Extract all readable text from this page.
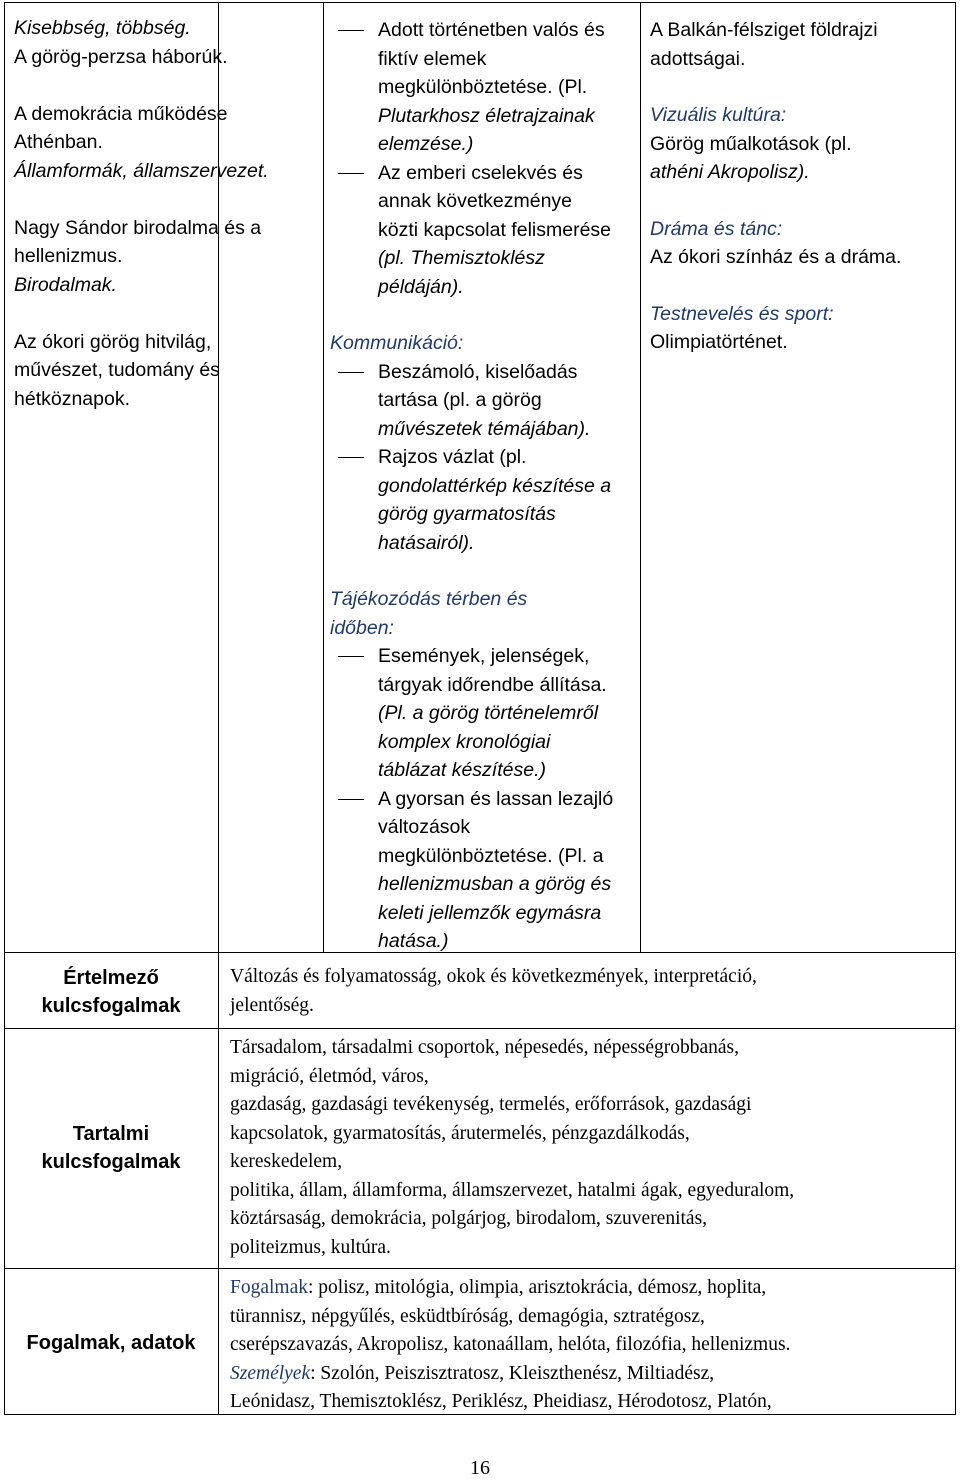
Kisebbség, többség.
A görög-perzsa háborúk.

A demokrácia működése
Athénban.
Államformák, államszervezet.

Nagy Sándor birodalma és a
hellenizmus.
Birodalmak.

Az ókori görög hitvilág,
művészet, tudomány és
hétköznapok.
Adott történetben valós és
fiktív elemek
megkülönböztetése. (Pl.
Plutarkhosz életrajzainak
elemzése.)
Az emberi cselekvés és
annak következménye
közti kapcsolat felismerése
(pl. Themisztoklész
példáján).
Kommunikáció:
Beszámoló, kiselőadás
tartása (pl. a görög
művészetek témájában).
Rajzos vázlat (pl.
gondolattérkép készítése a
görög gyarmatosítás
hatásairól).
Tájékozódás térben és
időben:
Események, jelenségek,
tárgyak időrendbe állítása.
(Pl. a görög történelemről
komplex kronológiai
táblázat készítése.)
A gyorsan és lassan lezajló
változások
megkülönböztetése. (Pl. a
hellenizmusban a görög és
keleti jellemzők egymásra
hatása.)
A Balkán-félsziget földrajzi
adottságai.
Vizuális kultúra:
Görög műalkotások (pl.
athéni Akropolisz).
Dráma és tánc:
Az ókori színház és a dráma.
Testnevelés és sport:
Olimpiatörténet.
Értelmező
kulcsfogalmak
Tartalmi
kulcsfogalmak
Fogalmak, adatok
Változás és folyamatosság, okok és következmények, interpretáció,
jelentőség.
Társadalom, társadalmi csoportok, népesedés, népességrobbanás,
migráció, életmód, város,
gazdaság, gazdasági tevékenység, termelés, erőforrások, gazdasági
kapcsolatok, gyarmatosítás, árutermelés, pénzgazdálkodás,
kereskedelem,
politika, állam, államforma, államszervezet, hatalmi ágak, egyeduralom,
köztársaság, demokrácia, polgárjog, birodalom, szuverenitás,
politeizmus, kultúra.
Fogalmak: polisz, mitológia, olimpia, arisztokrácia, démosz, hoplita,
türannisz, népgyűlés, esküdtbíróság, demagógia, sztratégosz,
cserépszavazás, Akropolisz, katonaállam, helóta, filozófia, hellenizmus.
Személyek: Szolón, Peiszisztratosz, Kleiszthenész, Miltiadész,
Leónidasz, Themisztoklész, Periklész, Pheidiasz, Hérodotosz, Platón,
16
